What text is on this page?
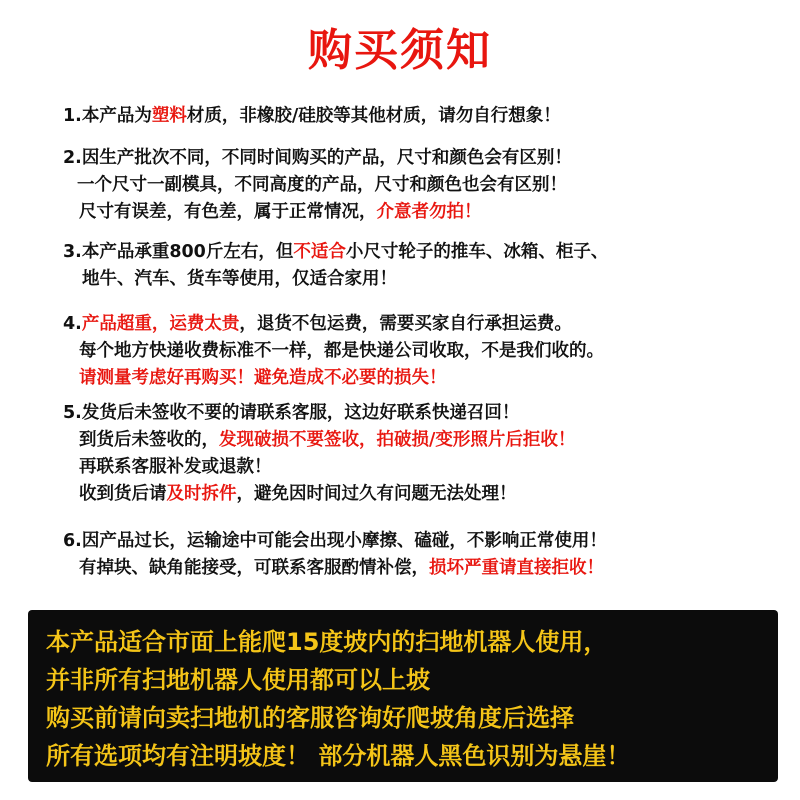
购买须知
1.本产品为塑料材质，非橡胶/硅胶等其他材质，请勿自行想象！
2.因生产批次不同，不同时间购买的产品，尺寸和颜色会有区别！
一个尺寸一副模具，不同高度的产品，尺寸和颜色也会有区别！
尺寸有误差，有色差，属于正常情况，介意者勿拍！
3.本产品承重800斤左右，但不适合小尺寸轮子的推车、冰箱、柜子、
地牛、汽车、货车等使用，仅适合家用！
4.产品超重，运费太贵，退货不包运费，需要买家自行承担运费。
每个地方快递收费标准不一样，都是快递公司收取，不是我们收的。
请测量考虑好再购买！避免造成不必要的损失！
5.发货后未签收不要的请联系客服，这边好联系快递召回！
到货后未签收的，发现破损不要签收，拍破损/变形照片后拒收！
再联系客服补发或退款！
收到货后请及时拆件，避免因时间过久有问题无法处理！
6.因产品过长，运输途中可能会出现小摩擦、磕碰，不影响正常使用！
有掉块、缺角能接受，可联系客服酌情补偿，损坏严重请直接拒收！
本产品适合市面上能爬15度坡内的扫地机器人使用，
并非所有扫地机器人使用都可以上坡
购买前请向卖扫地机的客服咨询好爬坡角度后选择
所有选项均有注明坡度！ 部分机器人黑色识别为悬崖！
